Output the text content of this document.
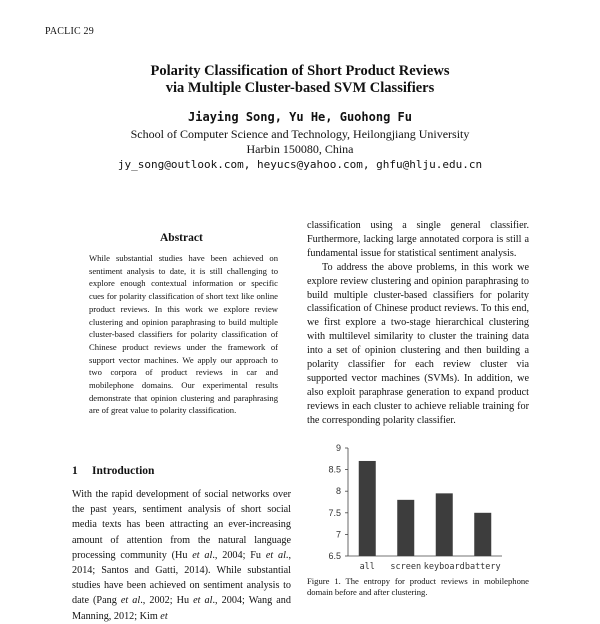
PACLIC 29
Polarity Classification of Short Product Reviews
via Multiple Cluster-based SVM Classifiers
Jiaying Song, Yu He, Guohong Fu
School of Computer Science and Technology, Heilongjiang University
Harbin 150080, China
jy_song@outlook.com, heyucs@yahoo.com, ghfu@hlju.edu.cn
Abstract
While substantial studies have been achieved on sentiment analysis to date, it is still challenging to explore enough contextual information or specific cues for polarity classification of short text like online product reviews. In this work we explore review clustering and opinion paraphrasing to build multiple cluster-based classifiers for polarity classification of Chinese product reviews under the framework of support vector machines. We apply our approach to two corpora of product reviews in car and mobilephone domains. Our experimental results demonstrate that opinion clustering and paraphrasing are of great value to polarity classification.
1 Introduction
With the rapid development of social networks over the past years, sentiment analysis of short social media texts has been attracting an ever-increasing amount of attention from the natural language processing community (Hu et al., 2004; Fu et al., 2014; Santos and Gatti, 2014). While substantial studies have been achieved on sentiment analysis to date (Pang et al., 2002; Hu et al., 2004; Wang and Manning, 2012; Kim et

classification using a single general classifier. Furthermore, lacking large annotated corpora is still a fundamental issue for statistical sentiment analysis.

To address the above problems, in this work we explore review clustering and opinion paraphrasing to build multiple cluster-based classifiers for polarity classification of Chinese product reviews. To this end, we first explore a two-stage hierarchical clustering with multilevel similarity to cluster the training data into a set of opinion clustering and then building a polarity classifier for each review cluster via supported vector machines (SVMs). In addition, we also exploit paraphrase generation to expand product reviews in each cluster to achieve reliable training for the corresponding polarity classifier.

6.5
7
7.5
8
8.5
9
all screen keyboard battery
Figure 1. The entropy for product reviews in mobilephone domain before and after clustering.
